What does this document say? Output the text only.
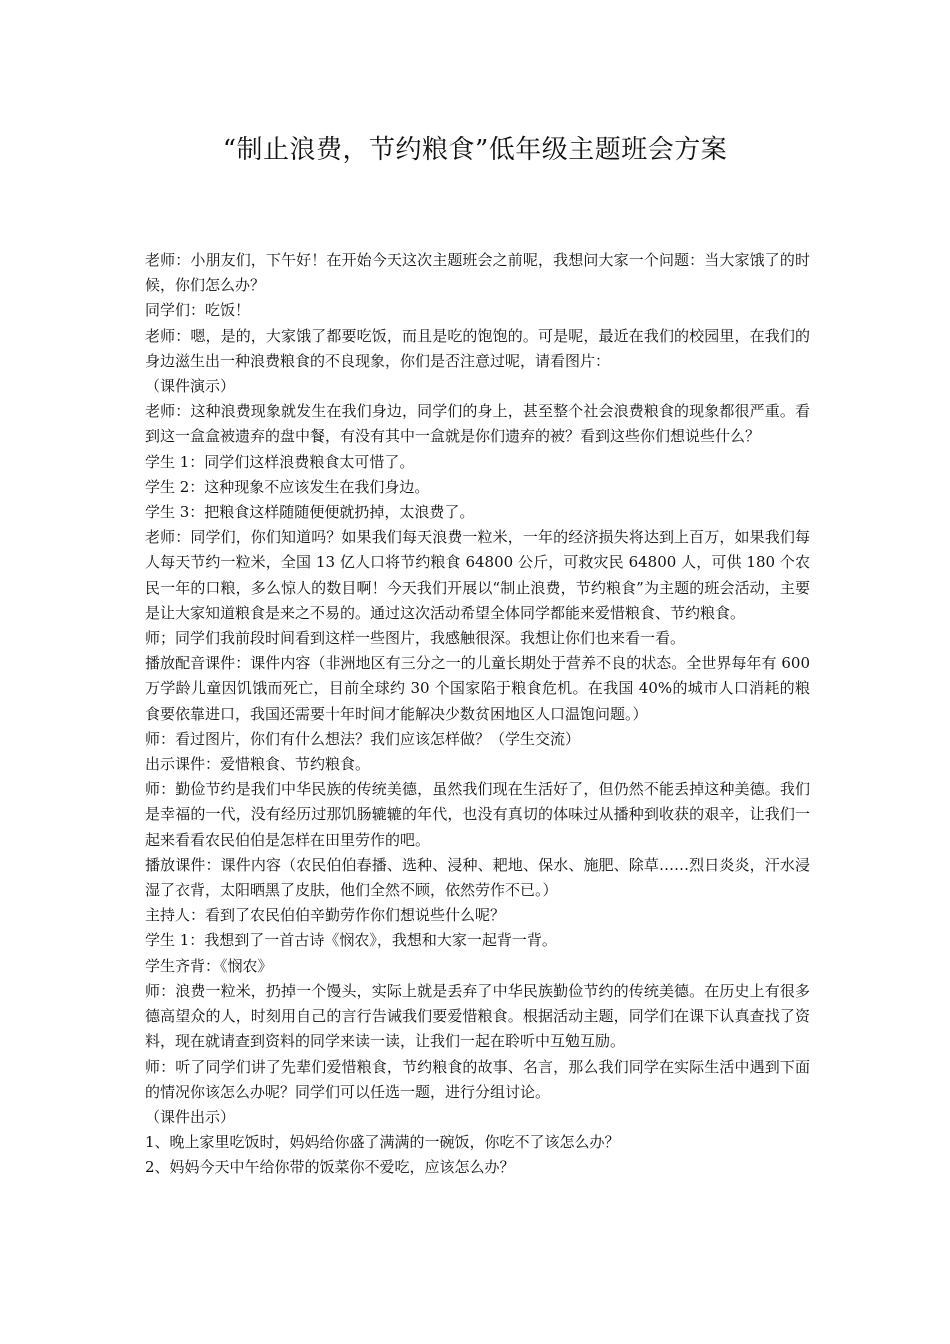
“制止浪费，节约粮食”低年级主题班会方案

老师：小朋友们，下午好！在开始今天这次主题班会之前呢，我想问大家一个问题：当大家饿了的时候，你们怎么办？

同学们：吃饭！

老师：嗯，是的，大家饿了都要吃饭，而且是吃的饱饱的。可是呢，最近在我们的校园里，在我们的身边滋生出一种浪费粮食的不良现象，你们是否注意过呢，请看图片：

（课件演示）

老师：这种浪费现象就发生在我们身边，同学们的身上，甚至整个社会浪费粮食的现象都很严重。看到这一盒盒被遗弃的盘中餐，有没有其中一盒就是你们遗弃的被？看到这些你们想说些什么？

学生 1：同学们这样浪费粮食太可惜了。

学生 2：这种现象不应该发生在我们身边。

学生 3：把粮食这样随随便便就扔掉，太浪费了。

老师：同学们，你们知道吗？如果我们每天浪费一粒米，一年的经济损失将达到上百万，如果我们每人每天节约一粒米，全国 13 亿人口将节约粮食 64800 公斤，可救灾民 64800 人，可供 180 个农民一年的口粮，多么惊人的数目啊！今天我们开展以“制止浪费，节约粮食”为主题的班会活动，主要是让大家知道粮食是来之不易的。通过这次活动希望全体同学都能来爱惜粮食、节约粮食。

师；同学们我前段时间看到这样一些图片，我感触很深。我想让你们也来看一看。

播放配音课件：课件内容（非洲地区有三分之一的儿童长期处于营养不良的状态。全世界每年有 600 万学龄儿童因饥饿而死亡，目前全球约 30 个国家陷于粮食危机。在我国 40%的城市人口消耗的粮食要依靠进口，我国还需要十年时间才能解决少数贫困地区人口温饱问题。）

师：看过图片，你们有什么想法？我们应该怎样做？（学生交流）

出示课件：爱惜粮食、节约粮食。

师：勤俭节约是我们中华民族的传统美德，虽然我们现在生活好了，但仍然不能丢掉这种美德。我们是幸福的一代，没有经历过那饥肠辘辘的年代，也没有真切的体味过从播种到收获的艰辛，让我们一起来看看农民伯伯是怎样在田里劳作的吧。

播放课件：课件内容（农民伯伯春播、选种、浸种、耙地、保水、施肥、除草……烈日炎炎，汗水浸湿了衣背，太阳晒黑了皮肤，他们全然不顾，依然劳作不已。）

主持人：看到了农民伯伯辛勤劳作你们想说些什么呢？

学生 1：我想到了一首古诗《悯农》，我想和大家一起背一背。

学生齐背：《悯农》

师：浪费一粒米，扔掉一个馒头，实际上就是丢弃了中华民族勤俭节约的传统美德。在历史上有很多德高望众的人，时刻用自己的言行告诫我们要爱惜粮食。根据活动主题，同学们在课下认真查找了资料，现在就请查到资料的同学来读一读，让我们一起在聆听中互勉互励。

师：听了同学们讲了先辈们爱惜粮食，节约粮食的故事、名言，那么我们同学在实际生活中遇到下面的情况你该怎么办呢？同学们可以任选一题，进行分组讨论。

（课件出示）

1、晚上家里吃饭时，妈妈给你盛了满满的一碗饭，你吃不了该怎么办？

2、妈妈今天中午给你带的饭菜你不爱吃，应该怎么办？
